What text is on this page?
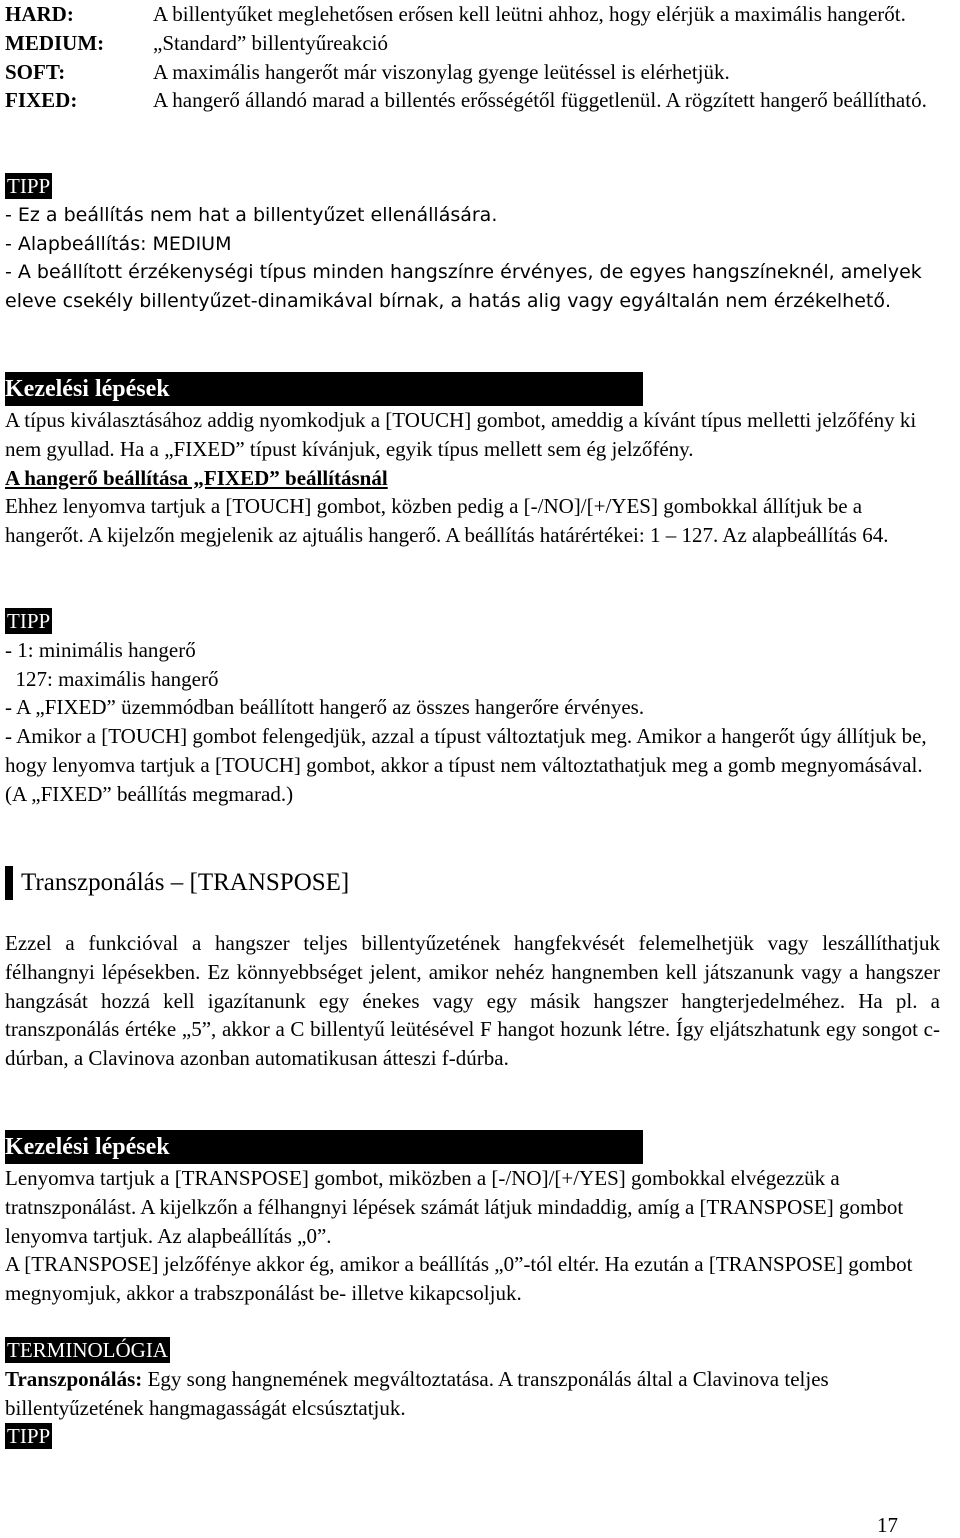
HARD:	A billentyűket meglehetősen erősen kell leütni ahhoz, hogy elérjük a maximális hangerőt.
MEDIUM:	„Standard” billentyűreakció
SOFT:	A maximális hangerőt már viszonylag gyenge leütéssel is elérhetjük.
FIXED:	A hangerő állandó marad a billentés erősségétől függetlenül. A rögzített hangerő beállítható.

TIPP

- Ez a beállítás nem hat a billentyűzet ellenállására.

- Alapbeállítás: MEDIUM

- A beállított érzékenységi típus minden hangszínre érvényes, de egyes hangszíneknél, amelyek eleve csekély billentyűzet-dinamikával bírnak, a hatás alig vagy egyáltalán nem érzékelhető.

Kezelési lépések

A típus kiválasztásához addig nyomkodjuk a [TOUCH] gombot, ameddig a kívánt típus melletti jelzőfény ki nem gyullad. Ha a „FIXED” típust kívánjuk, egyik típus mellett sem ég jelzőfény.

A hangerő beállítása „FIXED” beállításnál

Ehhez lenyomva tartjuk a [TOUCH] gombot, közben pedig a [-/NO]/[+/YES] gombokkal állítjuk be a hangerőt. A kijelzőn megjelenik az ajtuális hangerő. A beállítás határértékei: 1 – 127. Az alapbeállítás 64.

TIPP

- 1: minimális hangerő

127: maximális hangerő

- A „FIXED” üzemmódban beállított hangerő az összes hangerőre érvényes.

- Amikor a [TOUCH] gombot felengedjük, azzal a típust változtatjuk meg. Amikor a hangerőt úgy állítjuk be, hogy lenyomva tartjuk a [TOUCH] gombot, akkor a típust nem változtathatjuk meg a gomb megnyomásával. (A „FIXED” beállítás megmarad.)

Transzponálás – [TRANSPOSE]
Ezzel a funkcióval a hangszer teljes billentyűzetének hangfekvését felemelhetjük vagy leszállíthatjuk félhangnyi lépésekben. Ez könnyebbséget jelent, amikor nehéz hangnemben kell játszanunk vagy a hangszer hangzását hozzá kell igazítanunk egy énekes vagy egy másik hangszer hangterjedelméhez. Ha pl. a transzponálás értéke „5”, akkor a C billentyű leütésével F hangot hozunk létre. Így eljátszhatunk egy songot c-dúrban, a Clavinova azonban automatikusan átteszi f-dúrba.
Kezelési lépések

Lenyomva tartjuk a [TRANSPOSE] gombot, miközben a [-/NO]/[+/YES] gombokkal elvégezzük a tratnszponálást. A kijelkzőn a félhangnyi lépések számát látjuk mindaddig, amíg a [TRANSPOSE] gombot lenyomva tartjuk. Az alapbeállítás „0”.

A [TRANSPOSE] jelzőfénye akkor ég, amikor a beállítás „0”-tól eltér. Ha ezután a [TRANSPOSE] gombot megnyomjuk, akkor a trabszponálást be- illetve kikapcsoljuk.

TERMINOLÓGIA

Transzponálás: Egy song hangnemének megváltoztatása. A transzponálás által a Clavinova teljes billentyűzetének hangmagasságát elcsúsztatjuk.

TIPP

17
